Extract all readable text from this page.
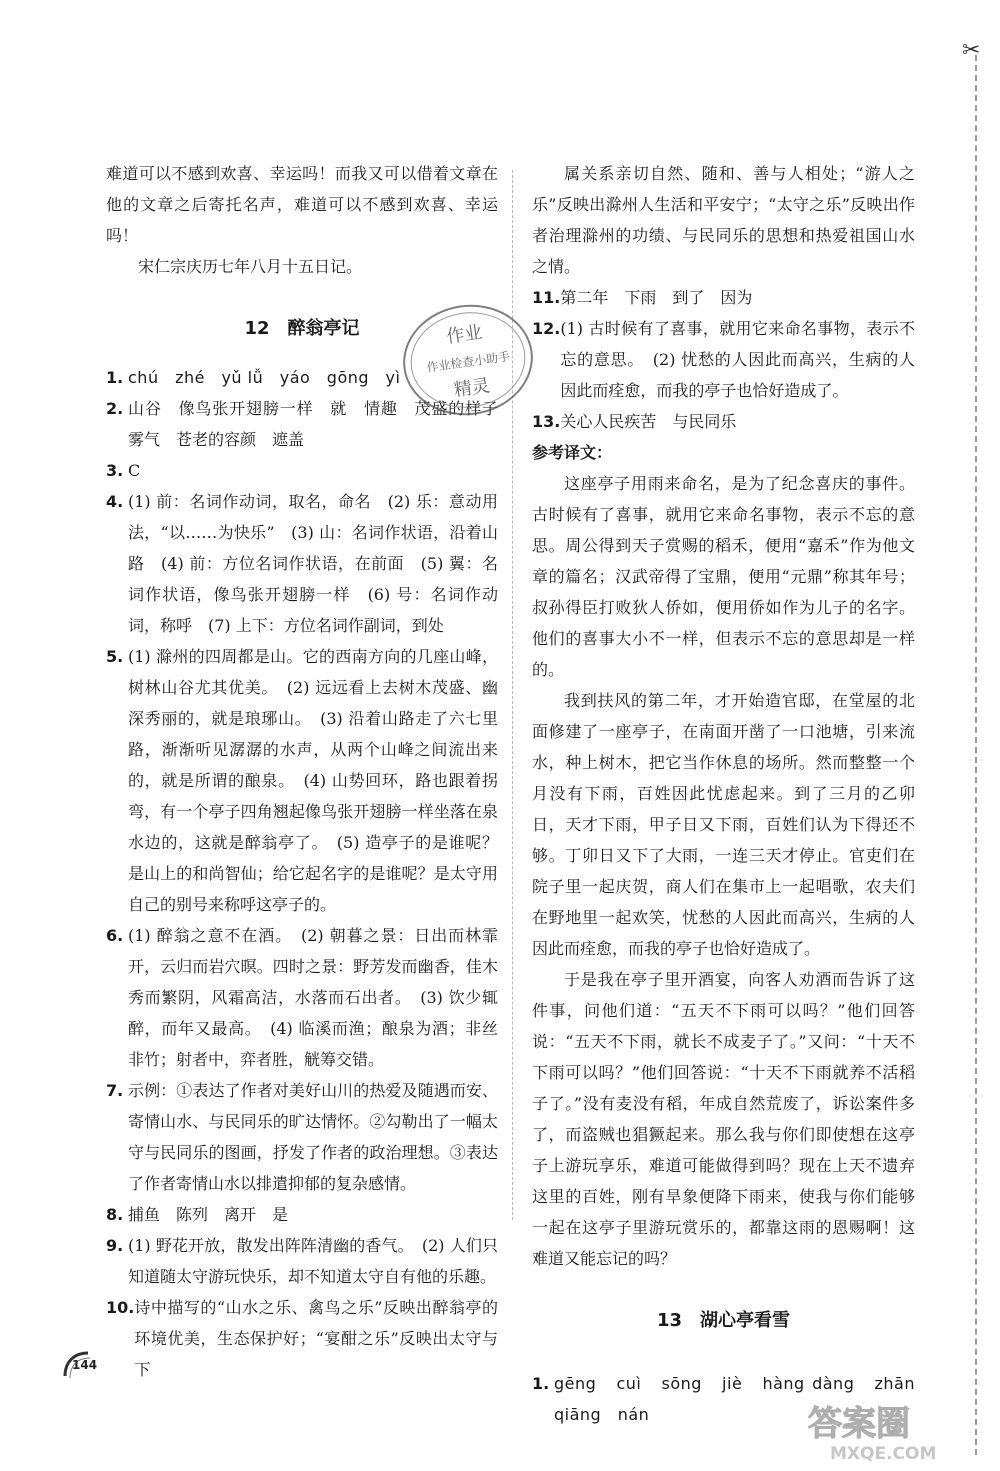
✂

难道可以不感到欢喜、幸运吗！而我又可以借着文章在他的文章之后寄托名声，难道可以不感到欢喜、幸运吗！

宋仁宗庆历七年八月十五日记。

12　醉翁亭记
1. chú　zhé　yǔ lǚ　yáo　gōng　yì
2. 山谷　像鸟张开翅膀一样　就　情趣　茂盛的样子　雾气　苍老的容颜　遮盖
3. C
4. (1) 前：名词作动词，取名，命名　(2) 乐：意动用法，“以……为快乐”　(3) 山：名词作状语，沿着山路　(4) 前：方位名词作状语，在前面　(5) 翼：名词作状语，像鸟张开翅膀一样　(6) 号：名词作动词，称呼　(7) 上下：方位名词作副词，到处
5. (1) 滁州的四周都是山。它的西南方向的几座山峰，树林山谷尤其优美。　(2) 远远看上去树木茂盛、幽深秀丽的，就是琅琊山。　(3) 沿着山路走了六七里路，渐渐听见潺潺的水声，从两个山峰之间流出来的，就是所谓的酿泉。　(4) 山势回环，路也跟着拐弯，有一个亭子四角翘起像鸟张开翅膀一样坐落在泉水边的，这就是醉翁亭了。　(5) 造亭子的是谁呢？是山上的和尚智仙；给它起名字的是谁呢？是太守用自己的别号来称呼这亭子的。
6. (1) 醉翁之意不在酒。　(2) 朝暮之景：日出而林霏开，云归而岩穴暝。四时之景：野芳发而幽香，佳木秀而繁阴，风霜高洁，水落而石出者。　(3) 饮少辄醉，而年又最高。　(4) 临溪而渔；酿泉为酒；非丝非竹；射者中，弈者胜，觥筹交错。
7. 示例：①表达了作者对美好山川的热爱及随遇而安、寄情山水、与民同乐的旷达情怀。②勾勒出了一幅太守与民同乐的图画，抒发了作者的政治理想。③表达了作者寄情山水以排遣抑郁的复杂感情。
8. 捕鱼　陈列　离开　是
9. (1) 野花开放，散发出阵阵清幽的香气。　(2) 人们只知道随太守游玩快乐，却不知道太守自有他的乐趣。
10. 诗中描写的“山水之乐、禽鸟之乐”反映出醉翁亭的环境优美，生态保护好；“宴酣之乐”反映出太守与下

属关系亲切自然、随和、善与人相处；“游人之乐”反映出滁州人生活和平安宁；“太守之乐”反映出作者治理滁州的功绩、与民同乐的思想和热爱祖国山水之情。

11. 第二年　下雨　到了　因为
12. (1) 古时候有了喜事，就用它来命名事物，表示不忘的意思。　(2) 忧愁的人因此而高兴，生病的人因此而痊愈，而我的亭子也恰好造成了。
13. 关心人民疾苦　与民同乐
参考译文：

这座亭子用雨来命名，是为了纪念喜庆的事件。古时候有了喜事，就用它来命名事物，表示不忘的意思。周公得到天子赏赐的稻禾，便用“嘉禾”作为他文章的篇名；汉武帝得了宝鼎，便用“元鼎”称其年号；叔孙得臣打败狄人侨如，便用侨如作为儿子的名字。他们的喜事大小不一样，但表示不忘的意思却是一样的。

我到扶风的第二年，才开始造官邸，在堂屋的北面修建了一座亭子，在南面开凿了一口池塘，引来流水，种上树木，把它当作休息的场所。然而整整一个月没有下雨，百姓因此忧虑起来。到了三月的乙卯日，天才下雨，甲子日又下雨，百姓们认为下得还不够。丁卯日又下了大雨，一连三天才停止。官吏们在院子里一起庆贺，商人们在集市上一起唱歌，农夫们在野地里一起欢笑，忧愁的人因此而高兴，生病的人因此而痊愈，而我的亭子也恰好造成了。

于是我在亭子里开酒宴，向客人劝酒而告诉了这件事，问他们道：“五天不下雨可以吗？”他们回答说：“五天不下雨，就长不成麦子了。”又问：“十天不下雨可以吗？”他们回答说：“十天不下雨就养不活稻子了。”没有麦没有稻，年成自然荒废了，诉讼案件多了，而盗贼也猖獗起来。那么我与你们即使想在这亭子上游玩享乐，难道可能做得到吗？现在上天不遗弃这里的百姓，刚有旱象便降下雨来，使我与你们能够一起在这亭子里游玩赏乐的，都靠这雨的恩赐啊！这难道又能忘记的吗？

13　湖心亭看雪
1. gēng　cuì　sōng　jiè　hàng dàng　zhān　qiāng　nán
作业
作业检查小助手
精灵
144
答案圈
MXQE.COM
